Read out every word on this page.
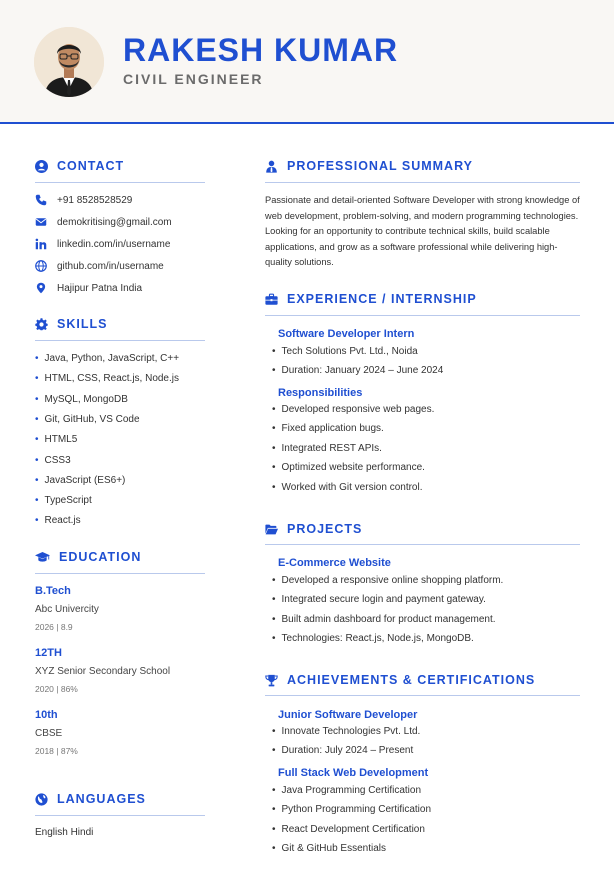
RAKESH KUMAR
CIVIL ENGINEER
CONTACT
+91 8528528529
demokritising@gmail.com
linkedin.com/in/username
github.com/in/username
Hajipur Patna India
SKILLS
• Java, Python, JavaScript, C++
• HTML, CSS, React.js, Node.js
• MySQL, MongoDB
• Git, GitHub, VS Code
• HTML5
• CSS3
• JavaScript (ES6+)
• TypeScript
• React.js
EDUCATION
B.Tech
Abc Univercity
2026 | 8.9
12TH
XYZ Senior Secondary School
2020 | 86%
10th
CBSE
2018 | 87%
LANGUAGES
English Hindi
PROFESSIONAL SUMMARY
Passionate and detail-oriented Software Developer with strong knowledge of web development, problem-solving, and modern programming technologies. Looking for an opportunity to contribute technical skills, build scalable applications, and grow as a software professional while delivering high-quality solutions.
EXPERIENCE / INTERNSHIP
Software Developer Intern
• Tech Solutions Pvt. Ltd., Noida
• Duration: January 2024 – June 2024
Responsibilities
• Developed responsive web pages.
• Fixed application bugs.
• Integrated REST APIs.
• Optimized website performance.
• Worked with Git version control.
PROJECTS
E-Commerce Website
• Developed a responsive online shopping platform.
• Integrated secure login and payment gateway.
• Built admin dashboard for product management.
• Technologies: React.js, Node.js, MongoDB.
ACHIEVEMENTS & CERTIFICATIONS
Junior Software Developer
• Innovate Technologies Pvt. Ltd.
• Duration: July 2024 – Present
Full Stack Web Development
• Java Programming Certification
• Python Programming Certification
• React Development Certification
• Git & GitHub Essentials
